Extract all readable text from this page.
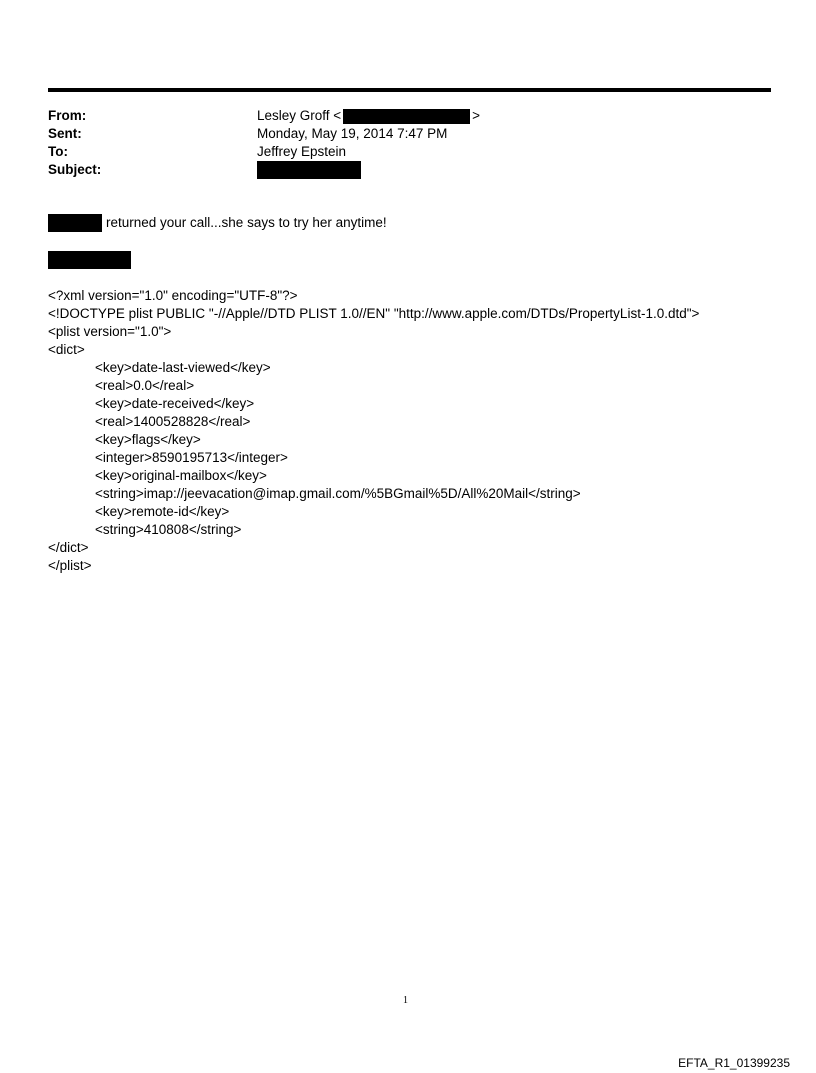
From:	Lesley Groff <	>
Sent:	Monday, May 19, 2014 7:47 PM
To:	Jeffrey Epstein
Subject:
returned your call...she says to try her anytime!
<?xml version="1.0" encoding="UTF-8"?>
<!DOCTYPE plist PUBLIC "-//Apple//DTD PLIST 1.0//EN" "http://www.apple.com/DTDs/PropertyList-1.0.dtd">
<plist version="1.0">
<dict>
<key>date-last-viewed</key>
<real>0.0</real>
<key>date-received</key>
<real>1400528828</real>
<key>flags</key>
<integer>8590195713</integer>
<key>original-mailbox</key>
<string>imap://jeevacation@imap.gmail.com/%5BGmail%5D/All%20Mail</string>
<key>remote-id</key>
<string>410808</string>
</dict>
</plist>
1
EFTA_R1_01399235
